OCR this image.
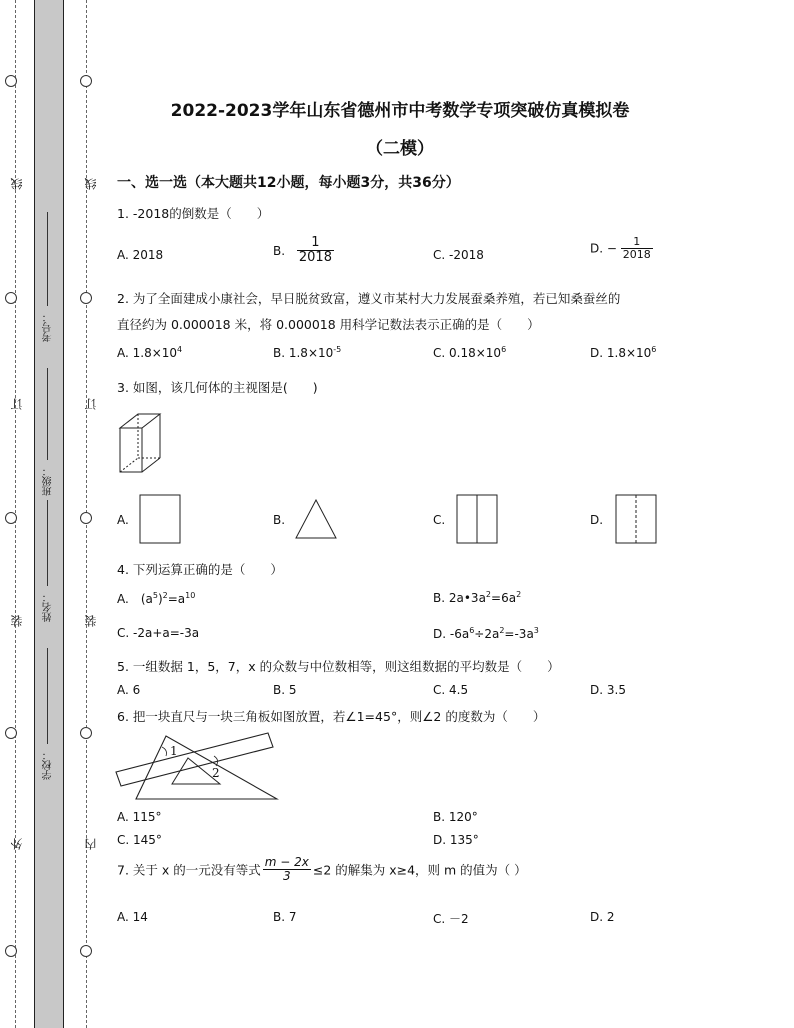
线
订
装
外
线
订
装
内
考号：
班级：
姓名：
学校：
2022-2023学年山东省德州市中考数学专项突破仿真模拟卷
（二模）
一、选一选（本大题共12小题，每小题3分，共36分）
1. -2018的倒数是（　　）
A. 2018	B. $\frac{1}{2018}$	C. -2018	D. − $\frac{1}{2018}$
2. 为了全面建成小康社会，早日脱贫致富，遵义市某村大力发展蚕桑养殖，若已知桑蚕丝的
直径约为 0.000018 米，将 0.000018 用科学记数法表示正确的是（　　）
A. $1.8\times 10^4$	B. $1.8\times 10^{-5}$	C. $0.18\times 10^6$	D. $1.8\times 10^6$
3. 如图，该几何体的主视图是(　　)
A.	B.	C.	D.
4. 下列运算正确的是（　　）
A.　$(a^5)^2=a^{10}$	B. $2a•3a^2=6a^2$
C. -2a+a=-3a	D. $-6a^6\div 2a^2=-3a^3$
5. 一组数据 1，5，7，x 的众数与中位数相等，则这组数据的平均数是（　　）
A. 6	B. 5	C. 4.5	D. 3.5
6. 把一块直尺与一块三角板如图放置，若∠1=45°，则∠2 的度数为（　　）
1
2
A. 115°	B. 120°
C. 145°	D. 135°
7. 关于 x 的一元没有等式 $\frac{m - 2x}{3} \le 2$ 的解集为 x≥4，则 m 的值为（ ）
A. 14	B. 7	C. －2	D. 2
